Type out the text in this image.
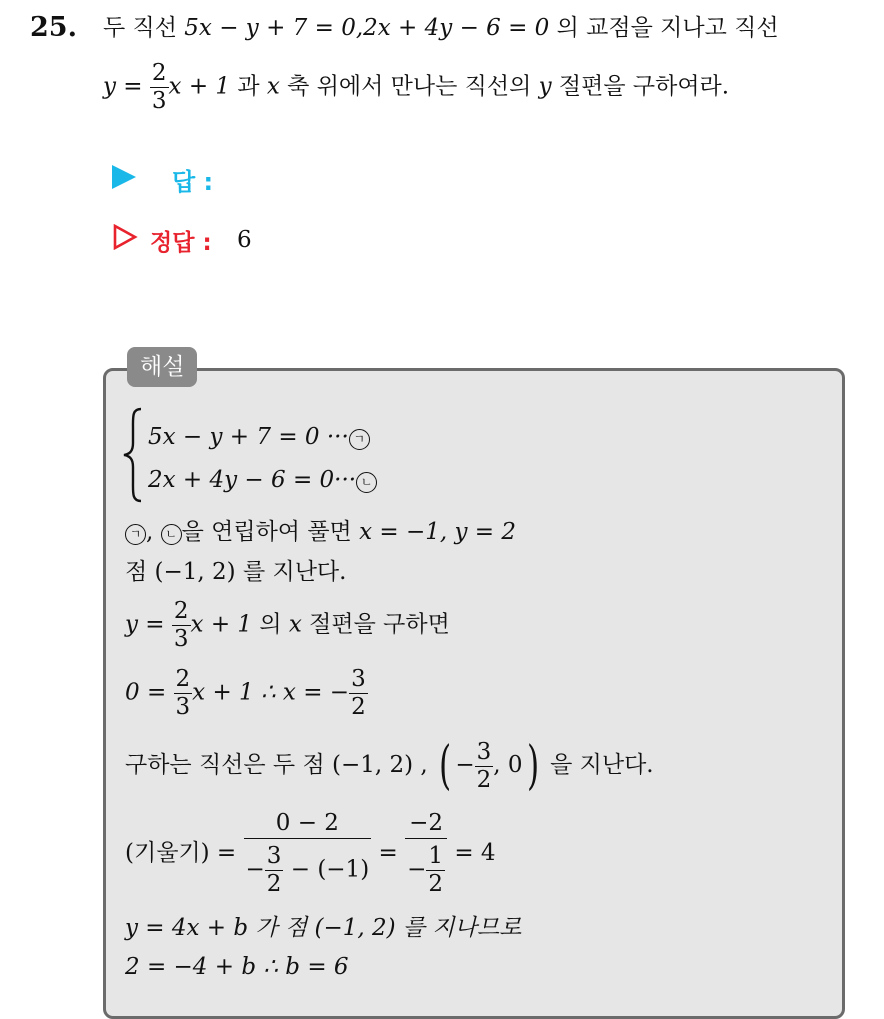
25. 두 직선 5x − y + 7 = 0,2x + 4y − 6 = 0 의 교점을 지나고 직선
$y = \frac{2}{3}$ x + 1 과 x 축 위에서 만나는 직선의 y 절편을 구하여라.
답 :
정답 : 6
해설
5x − y + 7 = 0 ··· ㄱ
2x + 4y − 6 = 0··· ㄴ
ㄱ , ㄴ 을 연립하여 풀면 x = −1, y = 2
점 (−1, 2) 를 지난다.
$y = \frac{2}{3}$ x + 1 의 x 절편을 구하면
$0 = \frac{2}{3}$ x + 1 ∴ x = − $\frac{3}{2}$
구하는 직선은 두 점 (−1, 2) , ( − $\frac{3}{2}$ , 0) 을 지난다.
(기울기) = $\frac{0 - 2}{- \frac{3}{2} - (-1)} = \frac{-2}{- \frac{1}{2}} = 4$
y = 4x + b 가 점 (−1, 2) 를 지나므로
2 = −4 + b ∴ b = 6
